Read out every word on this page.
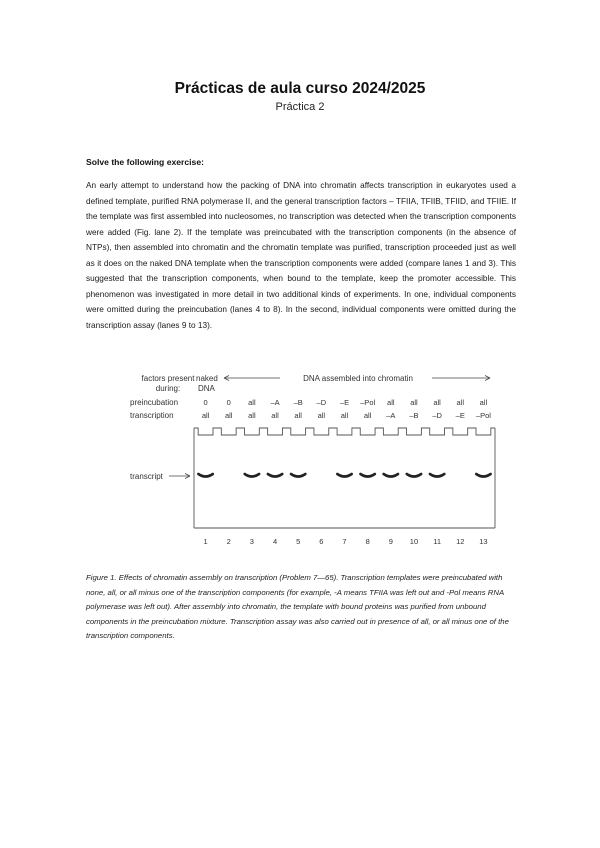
Prácticas de aula curso 2024/2025
Práctica 2
Solve the following exercise:
An early attempt to understand how the packing of DNA into chromatin affects transcription in eukaryotes used a defined template, purified RNA polymerase II, and the general transcription factors – TFIIA, TFIIB, TFIID, and TFIIE. If the template was first assembled into nucleosomes, no transcription was detected when the transcription components were added (Fig. lane 2). If the template was preincubated with the transcription components (in the absence of NTPs), then assembled into chromatin and the chromatin template was purified, transcription proceeded just as well as it does on the naked DNA template when the transcription components were added (compare lanes 1 and 3). This suggested that the transcription components, when bound to the template, keep the promoter accessible. This phenomenon was investigated in more detail in two additional kinds of experiments. In one, individual components were omitted during the preincubation (lanes 4 to 8). In the second, individual components were omitted during the transcription assay (lanes 9 to 13).
factors present
during:
naked
DNA
DNA assembled into chromatin
preincubation
transcription
transcript
0
all
1
0
all
2
all
all
3
–A
all
4
–B
all
5
–D
all
6
–E
all
7
–Pol
all
8
all
–A
9
all
–B
10
all
–D
11
all
–E
12
all
–Pol
13
Figure 1. Effects of chromatin assembly on transcription (Problem 7—65). Transcription templates were preincubated with none, all, or all minus one of the transcription components (for example, -A means TFIIA was left out and -Pol means RNA polymerase was left out). After assembly into chromatin, the template with bound proteins was purified from unbound components in the preincubation mixture. Transcription assay was also carried out in presence of all, or all minus one of the transcription components.
